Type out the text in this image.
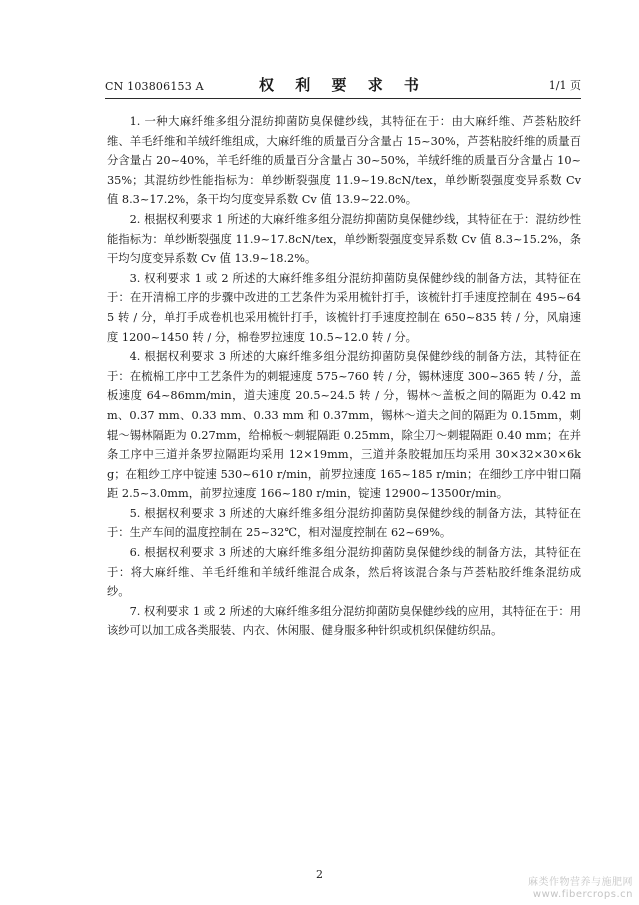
CN 103806153 A	权 利 要 求 书	1/1 页

1. 一种大麻纤维多组分混纺抑菌防臭保健纱线，其特征在于：由大麻纤维、芦荟粘胶纤维、羊毛纤维和羊绒纤维组成，大麻纤维的质量百分含量占 15~30%，芦荟粘胶纤维的质量百分含量占 20~40%，羊毛纤维的质量百分含量占 30~50%，羊绒纤维的质量百分含量占 10~35%；其混纺纱性能指标为：单纱断裂强度 11.9~19.8cN/tex，单纱断裂强度变异系数 Cv 值 8.3~17.2%，条干均匀度变异系数 Cv 值 13.9~22.0%。

2. 根据权利要求 1 所述的大麻纤维多组分混纺抑菌防臭保健纱线，其特征在于：混纺纱性能指标为：单纱断裂强度 11.9~17.8cN/tex，单纱断裂强度变异系数 Cv 值 8.3~15.2%，条干均匀度变异系数 Cv 值 13.9~18.2%。

3. 权利要求 1 或 2 所述的大麻纤维多组分混纺抑菌防臭保健纱线的制备方法，其特征在于：在开清棉工序的步骤中改进的工艺条件为采用梳针打手，该梳针打手速度控制在 495~645 转 / 分，单打手成卷机也采用梳针打手，该梳针打手速度控制在 650~835 转 / 分，风扇速度 1200~1450 转 / 分，棉卷罗拉速度 10.5~12.0 转 / 分。

4. 根据权利要求 3 所述的大麻纤维多组分混纺抑菌防臭保健纱线的制备方法，其特征在于：在梳棉工序中工艺条件为的刺辊速度 575~760 转 / 分，锡林速度 300~365 转 / 分，盖板速度 64~86mm/min，道夫速度 20.5~24.5 转 / 分，锡林～盖板之间的隔距为 0.42 mm、0.37 mm、0.33 mm、0.33 mm 和 0.37mm，锡林～道夫之间的隔距为 0.15mm，刺辊～锡林隔距为 0.27mm，给棉板～刺辊隔距 0.25mm，除尘刀～刺辊隔距 0.40 mm；在并条工序中三道并条罗拉隔距均采用 12×19mm，三道并条胶辊加压均采用 30×32×30×6kg；在粗纱工序中锭速 530~610 r/min，前罗拉速度 165~185 r/min；在细纱工序中钳口隔距 2.5~3.0mm，前罗拉速度 166~180 r/min，锭速 12900~13500r/min。

5. 根据权利要求 3 所述的大麻纤维多组分混纺抑菌防臭保健纱线的制备方法，其特征在于：生产车间的温度控制在 25~32℃，相对湿度控制在 62~69%。

6. 根据权利要求 3 所述的大麻纤维多组分混纺抑菌防臭保健纱线的制备方法，其特征在于：将大麻纤维、羊毛纤维和羊绒纤维混合成条，然后将该混合条与芦荟粘胶纤维条混纺成纱。

7. 权利要求 1 或 2 所述的大麻纤维多组分混纺抑菌防臭保健纱线的应用，其特征在于：用该纱可以加工成各类服装、内衣、休闲服、健身服多种针织或机织保健纺织品。

2
麻类作物营养与施肥网
www.fibercrops.cn
